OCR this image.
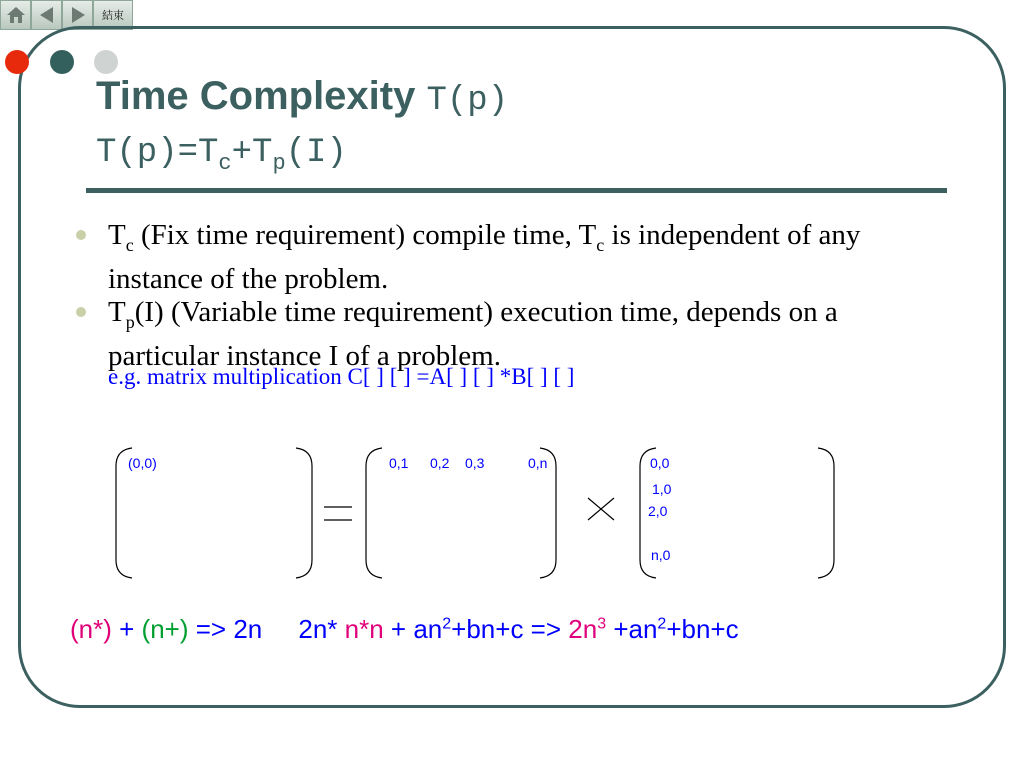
結束
Time Complexity T(p)
$T(p)=T_c+T_p(I)$
$T_c$ (Fix time requirement) compile time, $T_c$ is independent of any instance of the problem.
$T_p(I)$ (Variable time requirement) execution time, depends on a particular instance I of a problem.
e.g. matrix multiplication C[ ] [ ] =A[ ] [ ] *B[ ] [ ]
(0,0)	0,1 0,2 0,3	0,n	0,0
1,0
2,0
n,0
(n*) + (n+) => 2n     2n* $n*n + an^2+bn+c => 2n^3 +an^2+bn+c$
